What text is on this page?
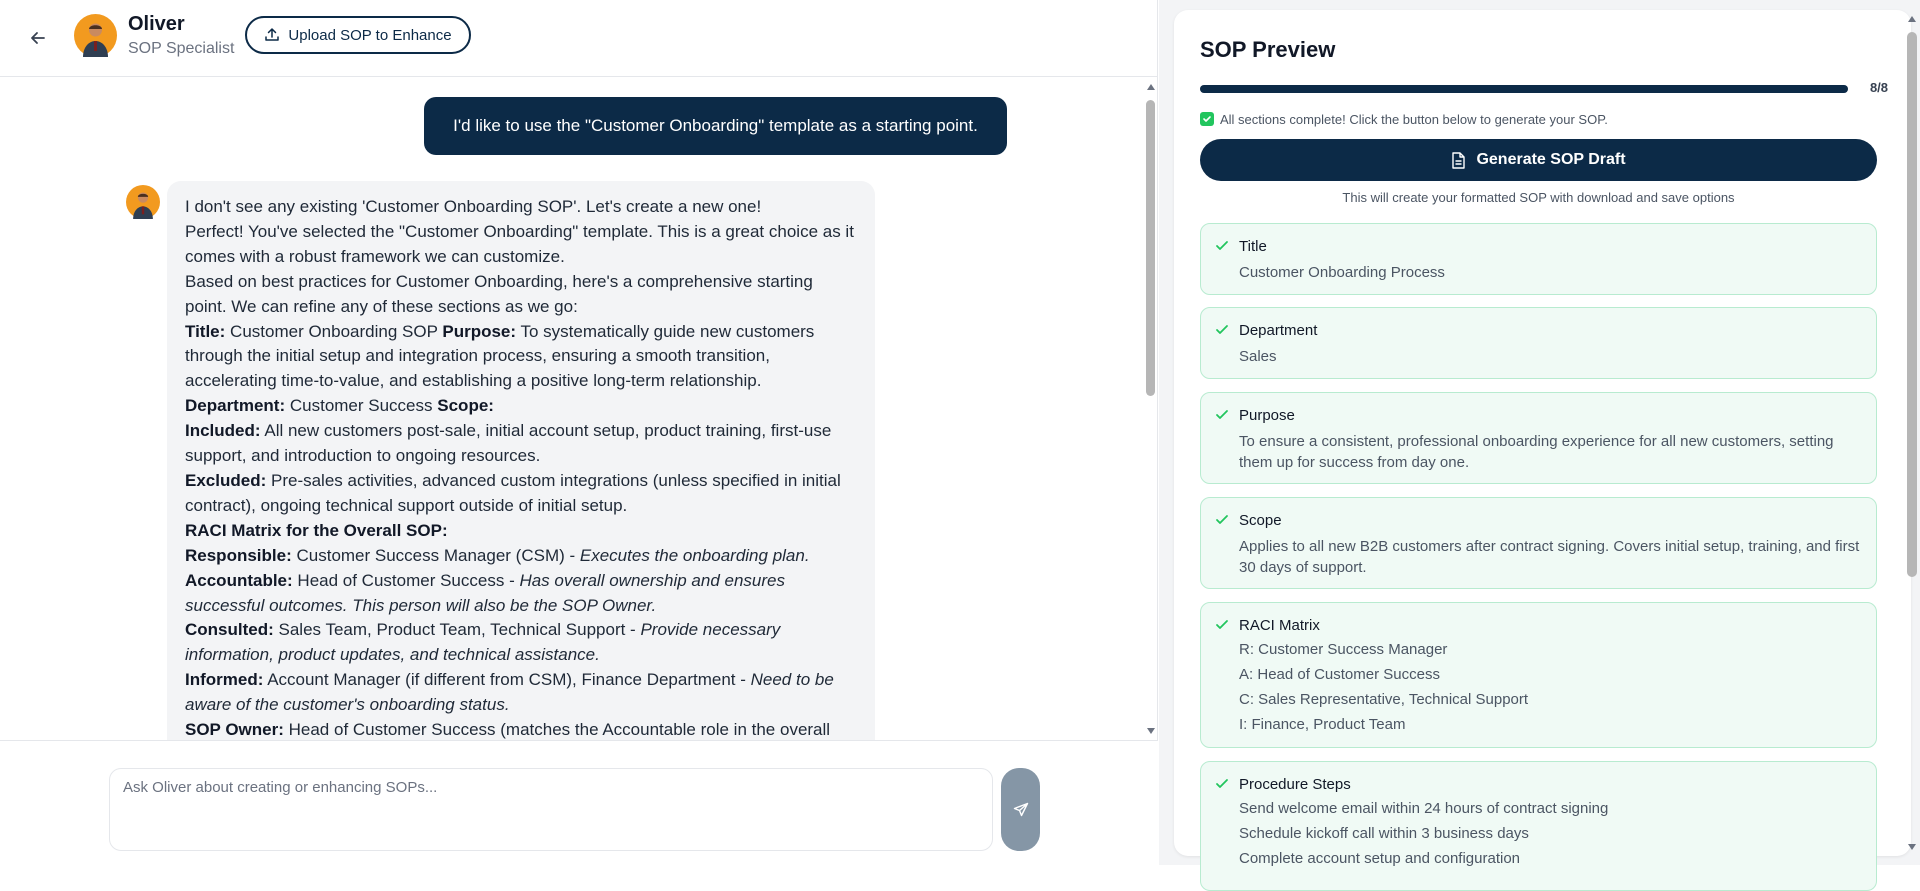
Oliver
SOP Specialist
Upload SOP to Enhance
I'd like to use the "Customer Onboarding" template as a starting point.
I don't see any existing 'Customer Onboarding SOP'. Let's create a new one!
Perfect! You've selected the "Customer Onboarding" template. This is a great choice as it comes with a robust framework we can customize.
Based on best practices for Customer Onboarding, here's a comprehensive starting point. We can refine any of these sections as we go:
Title: Customer Onboarding SOP Purpose: To systematically guide new customers through the initial setup and integration process, ensuring a smooth transition, accelerating time-to-value, and establishing a positive long-term relationship.
Department: Customer Success Scope:
Included: All new customers post-sale, initial account setup, product training, first-use support, and introduction to ongoing resources.
Excluded: Pre-sales activities, advanced custom integrations (unless specified in initial contract), ongoing technical support outside of initial setup.
RACI Matrix for the Overall SOP:
Responsible: Customer Success Manager (CSM) - Executes the onboarding plan.
Accountable: Head of Customer Success - Has overall ownership and ensures successful outcomes. This person will also be the SOP Owner.
Consulted: Sales Team, Product Team, Technical Support - Provide necessary information, product updates, and technical assistance.
Informed: Account Manager (if different from CSM), Finance Department - Need to be aware of the customer's onboarding status.
SOP Owner: Head of Customer Success (matches the Accountable role in the overall
Ask Oliver about creating or enhancing SOPs...
SOP Preview
8/8
All sections complete! Click the button below to generate your SOP.
Generate SOP Draft
This will create your formatted SOP with download and save options
Title
Customer Onboarding Process
Department
Sales
Purpose
To ensure a consistent, professional onboarding experience for all new customers, setting them up for success from day one.
Scope
Applies to all new B2B customers after contract signing. Covers initial setup, training, and first 30 days of support.
RACI Matrix
R: Customer Success Manager
A: Head of Customer Success
C: Sales Representative, Technical Support
I: Finance, Product Team
Procedure Steps
Send welcome email within 24 hours of contract signing
Schedule kickoff call within 3 business days
Complete account setup and configuration
